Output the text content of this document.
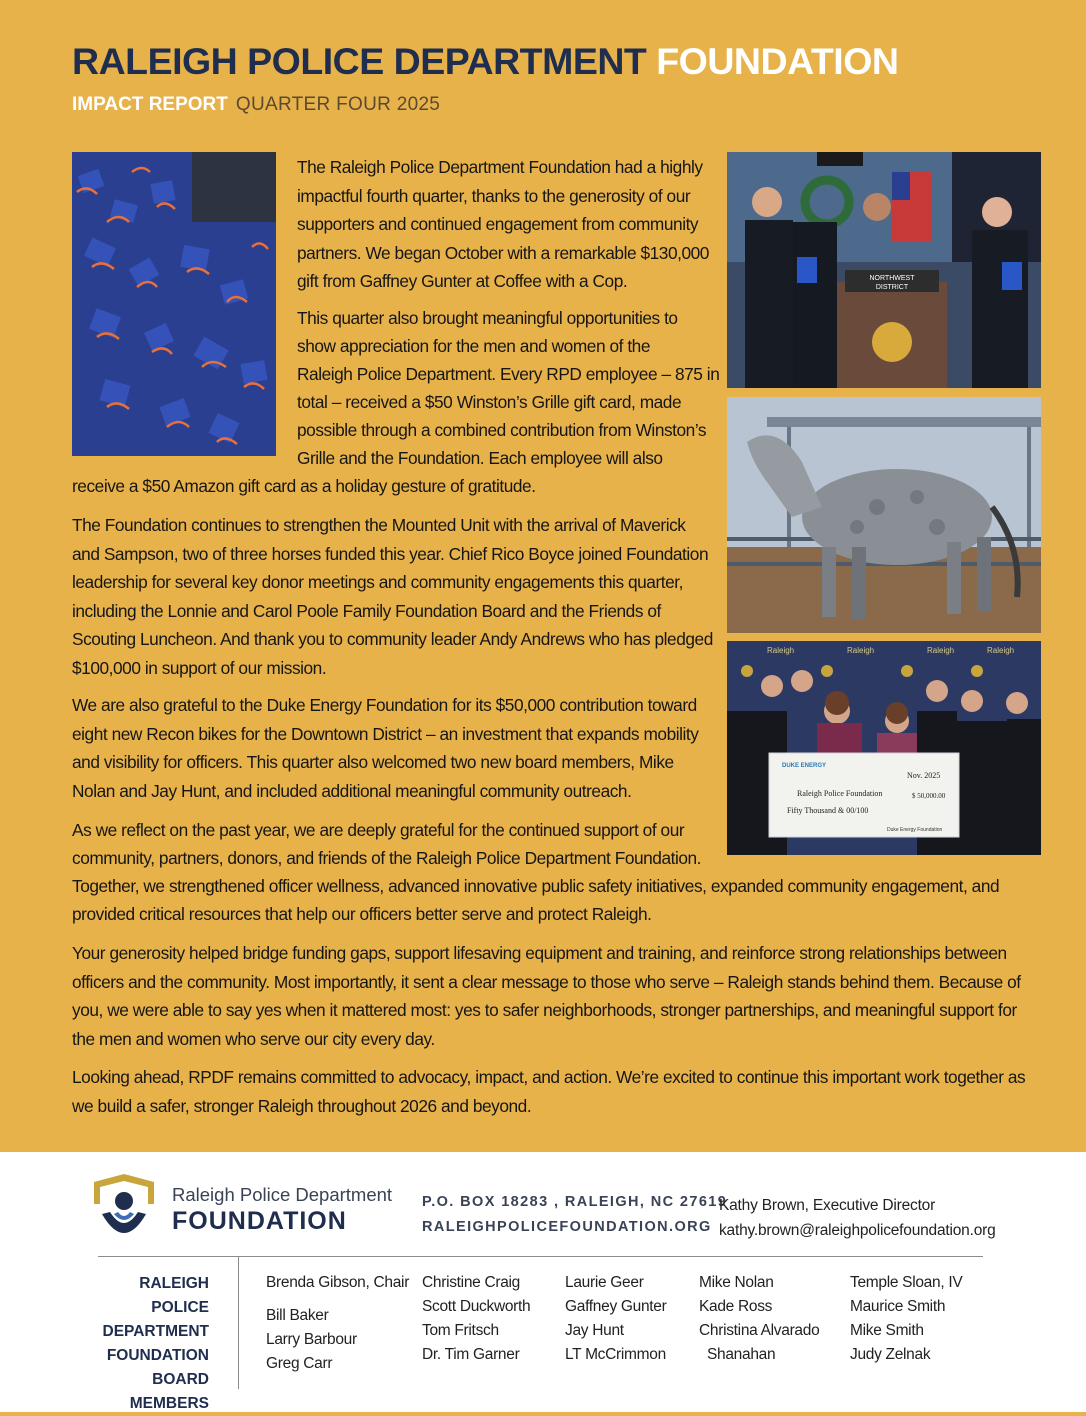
RALEIGH POLICE DEPARTMENT FOUNDATION

IMPACT REPORT QUARTER FOUR 2025

NORTHWEST
DISTRICT
Raleigh	Raleigh	Raleigh	Raleigh
DUKE ENERGY
Nov. 2025
Raleigh Police Foundation	$ 50,000.00
Fifty Thousand & 00/100
Duke Energy Foundation

The Raleigh Police Department Foundation had a highly impactful fourth quarter, thanks to the generosity of our supporters and continued engagement from community partners. We began October with a remarkable $130,000 gift from Gaffney Gunter at Coffee with a Cop.

This quarter also brought meaningful opportunities to

show appreciation for the men and women of the

Raleigh Police Department. Every RPD employee – 875 in

total – received a $50 Winston’s Grille gift card, made

possible through a combined contribution from Winston’s

Grille and the Foundation. Each employee will also

receive a $50 Amazon gift card as a holiday gesture of gratitude.

The Foundation continues to strengthen the Mounted Unit with the arrival of Maverick and Sampson, two of three horses funded this year. Chief Rico Boyce joined Foundation leadership for several key donor meetings and community engagements this quarter, including the Lonnie and Carol Poole Family Foundation Board and the Friends of Scouting Luncheon. And thank you to community leader Andy Andrews who has pledged $100,000 in support of our mission.

We are also grateful to the Duke Energy Foundation for its $50,000 contribution toward eight new Recon bikes for the Downtown District – an investment that expands mobility and visibility for officers. This quarter also welcomed two new board members, Mike Nolan and Jay Hunt, and included additional meaningful community outreach.

As we reflect on the past year, we are deeply grateful for the continued support of our

community, partners, donors, and friends of the Raleigh Police Department Foundation.

Together, we strengthened officer wellness, advanced innovative public safety initiatives, expanded community engagement, and

provided critical resources that help our officers better serve and protect Raleigh.

Your generosity helped bridge funding gaps, support lifesaving equipment and training, and reinforce strong relationships between officers and the community. Most importantly, it sent a clear message to those who serve – Raleigh stands behind them. Because of you, we were able to say yes when it mattered most: yes to safer neighborhoods, stronger partnerships, and meaningful support for the men and women who serve our city every day.

Looking ahead, RPDF remains committed to advocacy, impact, and action. We’re excited to continue this important work together as we build a safer, stronger Raleigh throughout 2026 and beyond.

Raleigh Police Department
FOUNDATION
P.O. BOX 18283 , RALEIGH, NC 27619
RALEIGHPOLICEFOUNDATION.ORG
Kathy Brown, Executive Director
kathy.brown@raleighpolicefoundation.org

RALEIGH POLICE
DEPARTMENT
FOUNDATION
BOARD MEMBERS

Brenda Gibson, Chair
Bill Baker
Larry Barbour
Greg Carr
Christine Craig
Scott Duckworth
Tom Fritsch
Dr. Tim Garner
Laurie Geer
Gaffney Gunter
Jay Hunt
LT McCrimmon
Mike Nolan
Kade Ross
Christina Alvarado
Shanahan
Temple Sloan, IV
Maurice Smith
Mike Smith
Judy Zelnak
